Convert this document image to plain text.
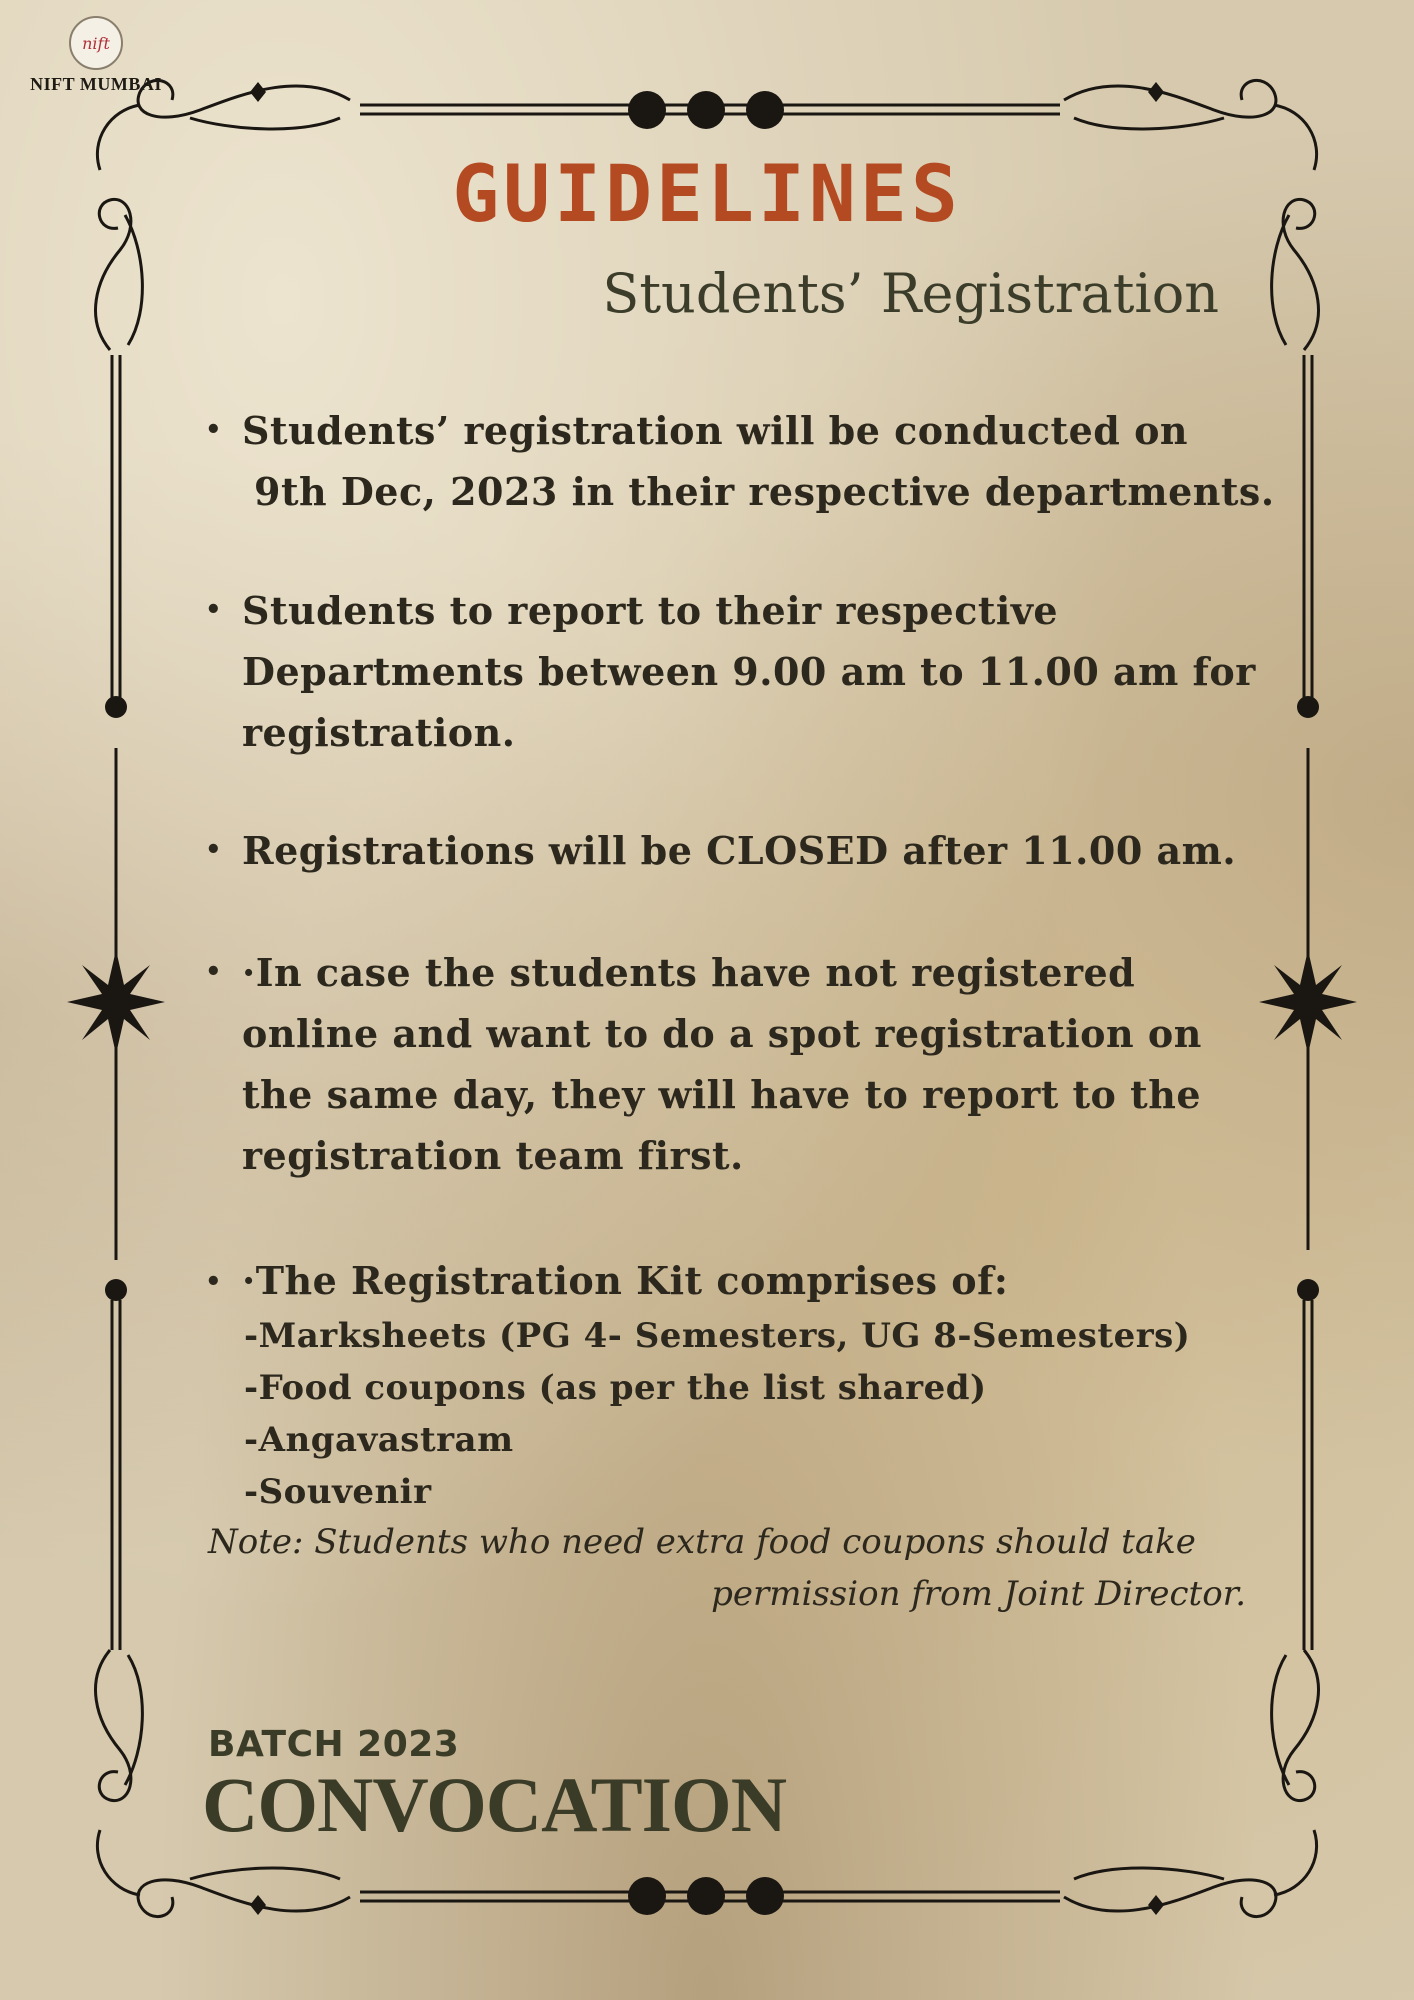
nift
NIFT MUMBAI
GUIDELINES
Students’ Registration
• Students’ registration will be conducted on
9th Dec, 2023 in their respective departments.
• Students to report to their respective
Departments between 9.00 am to 11.00 am for
registration.
• Registrations will be CLOSED after 11.00 am.
• ·In case the students have not registered
online and want to do a spot registration on
the same day, they will have to report to the
registration team first.
• ·The Registration Kit comprises of:
-Marksheets (PG 4- Semesters, UG 8-Semesters)
-Food coupons (as per the list shared)
-Angavastram
-Souvenir

Note: Students who need extra food coupons should take
permission from Joint Director.

BATCH 2023
CONVOCATION
